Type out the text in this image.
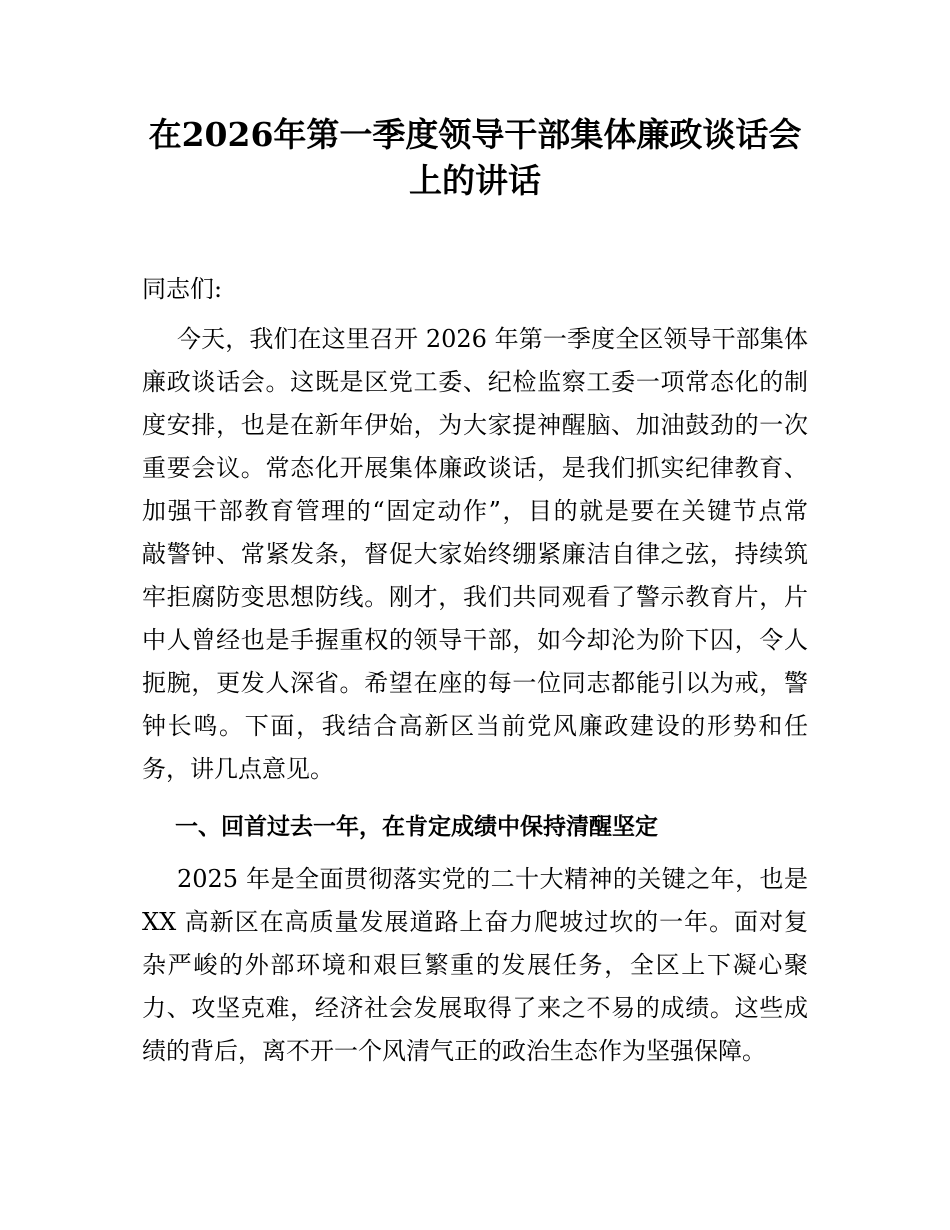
在2026年第一季度领导干部集体廉政谈话会
上的讲话
同志们:
今天，我们在这里召开 2026 年第一季度全区领导干部集体
廉政谈话会。这既是区党工委、纪检监察工委一项常态化的制
度安排，也是在新年伊始，为大家提神醒脑、加油鼓劲的一次
重要会议。常态化开展集体廉政谈话，是我们抓实纪律教育、
加强干部教育管理的“固定动作”，目的就是要在关键节点常
敲警钟、常紧发条，督促大家始终绷紧廉洁自律之弦，持续筑
牢拒腐防变思想防线。刚才，我们共同观看了警示教育片，片
中人曾经也是手握重权的领导干部，如今却沦为阶下囚，令人
扼腕，更发人深省。希望在座的每一位同志都能引以为戒，警
钟长鸣。下面，我结合高新区当前党风廉政建设的形势和任
务，讲几点意见。
一、回首过去一年，在肯定成绩中保持清醒坚定
2025 年是全面贯彻落实党的二十大精神的关键之年，也是
XX 高新区在高质量发展道路上奋力爬坡过坎的一年。面对复
杂严峻的外部环境和艰巨繁重的发展任务，全区上下凝心聚
力、攻坚克难，经济社会发展取得了来之不易的成绩。这些成
绩的背后，离不开一个风清气正的政治生态作为坚强保障。
